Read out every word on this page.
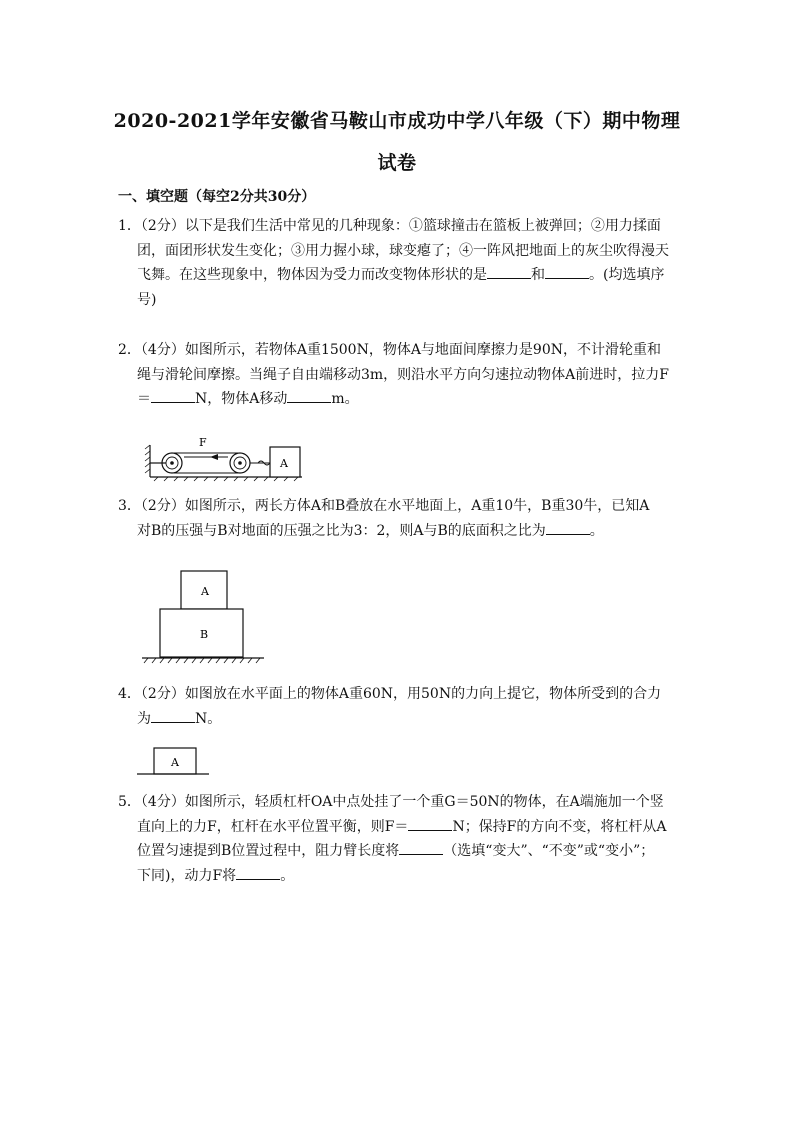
2020-2021学年安徽省马鞍山市成功中学八年级（下）期中物理
试卷
一、填空题（每空2分共30分）

1．（2分）以下是我们生活中常见的几种现象：①篮球撞击在篮板上被弹回；②用力揉面

团，面团形状发生变化；③用力握小球，球变瘪了；④一阵风把地面上的灰尘吹得漫天

飞舞。在这些现象中，物体因为受力而改变物体形状的是	和	。(均选填序

号)

2．（4分）如图所示，若物体A重1500N，物体A与地面间摩擦力是90N，不计滑轮重和

绳与滑轮间摩擦。当绳子自由端移动3m，则沿水平方向匀速拉动物体A前进时，拉力F

＝	N，物体A移动	m。

F
A

3．（2分）如图所示，两长方体A和B叠放在水平地面上，A重10牛，B重30牛，已知A

对B的压强与B对地面的压强之比为3：2，则A与B的底面积之比为	。

A
B

4．（2分）如图放在水平面上的物体A重60N，用50N的力向上提它，物体所受到的合力

为	N。

A

5．（4分）如图所示，轻质杠杆OA中点处挂了一个重G＝50N的物体，在A端施加一个竖

直向上的力F，杠杆在水平位置平衡，则F＝	N；保持F的方向不变，将杠杆从A

位置匀速提到B位置过程中，阻力臂长度将	（选填“变大”、“不变”或“变小”；

下同)，动力F将	。
